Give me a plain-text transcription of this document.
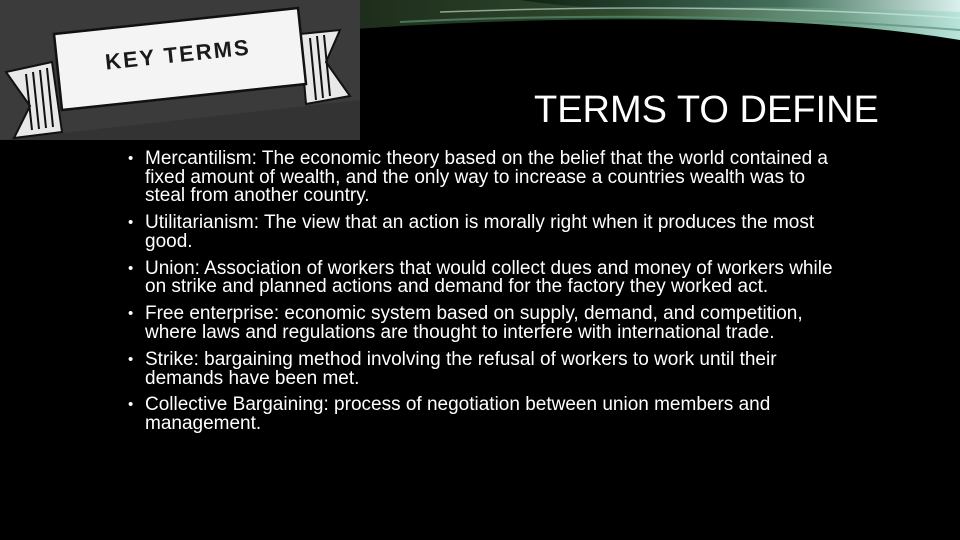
KEY TERMS
TERMS TO DEFINE
• Mercantilism: The economic theory based on the belief that the world contained a fixed amount of wealth, and the only way to increase a countries wealth was to steal from another country.
• Utilitarianism: The view that an action is morally right when it produces the most good.
• Union: Association of workers that would collect dues and money of workers while on strike and planned actions and demand for the factory they worked act.
• Free enterprise: economic system based on supply, demand, and competition, where laws and regulations are thought to interfere with international trade.
• Strike: bargaining method involving the refusal of workers to work until their demands have been met.
• Collective Bargaining: process of negotiation between union members and management.
